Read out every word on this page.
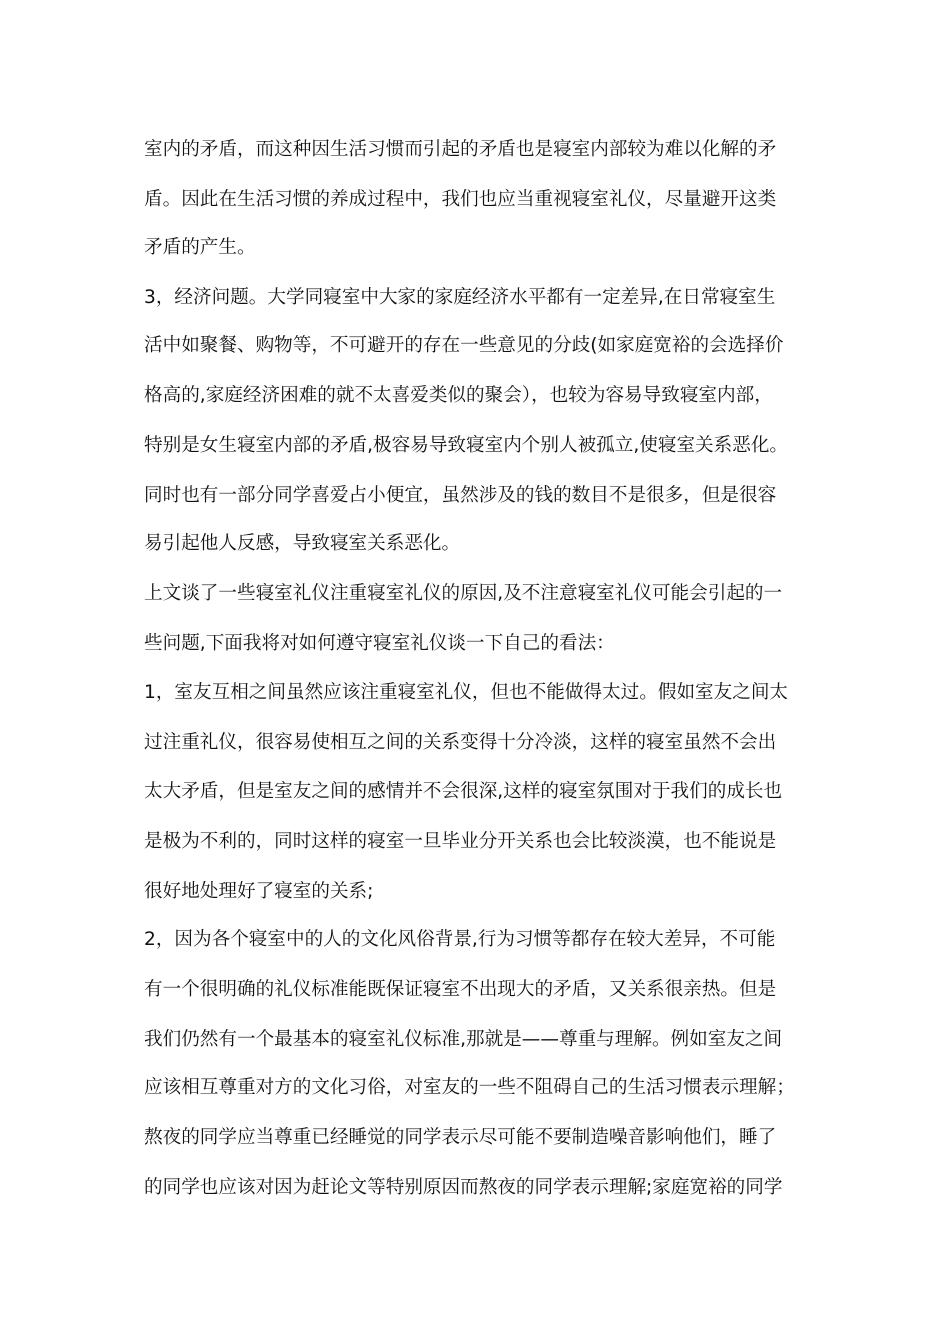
室内的矛盾，而这种因生活习惯而引起的矛盾也是寝室内部较为难以化解的矛
盾。因此在生活习惯的养成过程中，我们也应当重视寝室礼仪，尽量避开这类
矛盾的产生。
3，经济问题。大学同寝室中大家的家庭经济水平都有一定差异,在日常寝室生
活中如聚餐、购物等，不可避开的存在一些意见的分歧(如家庭宽裕的会选择价
格高的,家庭经济困难的就不太喜爱类似的聚会），也较为容易导致寝室内部，
特别是女生寝室内部的矛盾,极容易导致寝室内个别人被孤立,使寝室关系恶化。
同时也有一部分同学喜爱占小便宜，虽然涉及的钱的数目不是很多，但是很容
易引起他人反感，导致寝室关系恶化。
上文谈了一些寝室礼仪注重寝室礼仪的原因,及不注意寝室礼仪可能会引起的一
些问题,下面我将对如何遵守寝室礼仪谈一下自己的看法：
1，室友互相之间虽然应该注重寝室礼仪，但也不能做得太过。假如室友之间太
过注重礼仪，很容易使相互之间的关系变得十分冷淡，这样的寝室虽然不会出
太大矛盾，但是室友之间的感情并不会很深,这样的寝室氛围对于我们的成长也
是极为不利的，同时这样的寝室一旦毕业分开关系也会比较淡漠，也不能说是
很好地处理好了寝室的关系;
2，因为各个寝室中的人的文化风俗背景,行为习惯等都存在较大差异，不可能
有一个很明确的礼仪标准能既保证寝室不出现大的矛盾，又关系很亲热。但是
我们仍然有一个最基本的寝室礼仪标准,那就是——尊重与理解。例如室友之间
应该相互尊重对方的文化习俗，对室友的一些不阻碍自己的生活习惯表示理解；
熬夜的同学应当尊重已经睡觉的同学表示尽可能不要制造噪音影响他们，睡了
的同学也应该对因为赶论文等特别原因而熬夜的同学表示理解;家庭宽裕的同学
